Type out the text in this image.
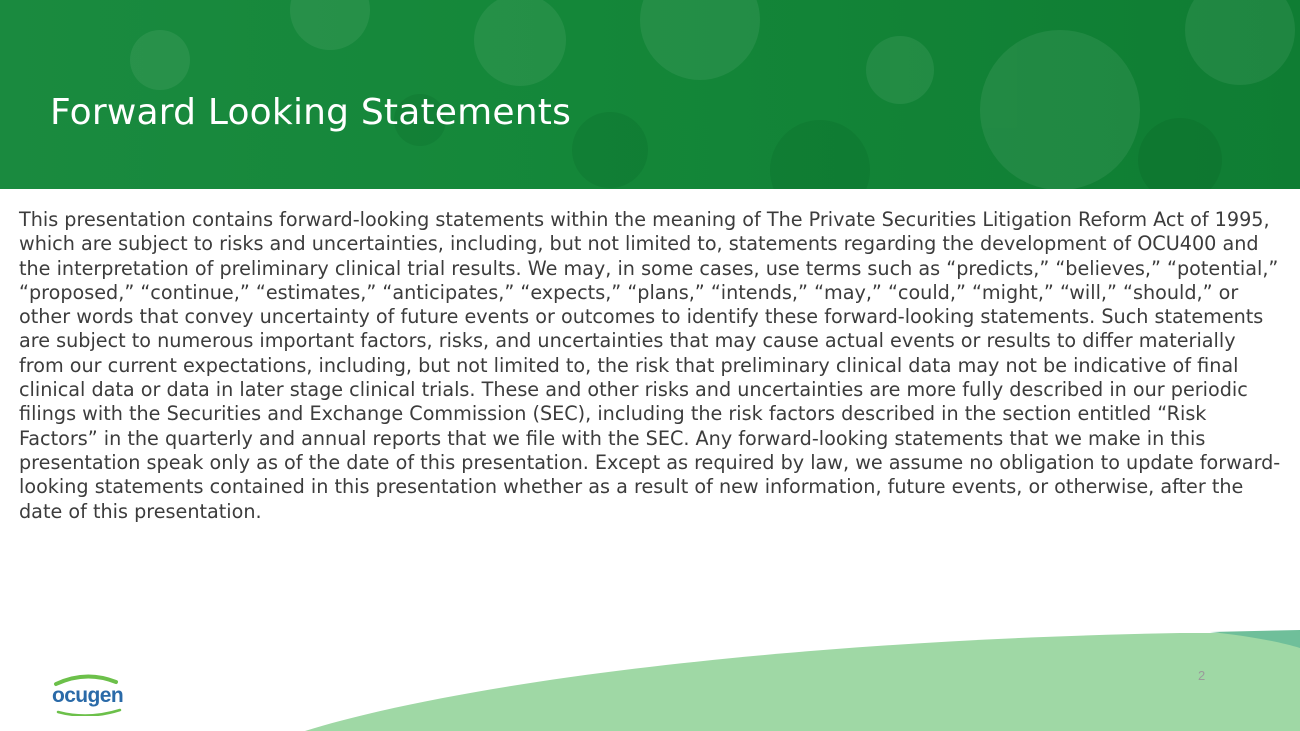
Forward Looking Statements

This presentation contains forward-looking statements within the meaning of The Private Securities Litigation Reform Act of 1995, which are subject to risks and uncertainties, including, but not limited to, statements regarding the development of OCU400 and the interpretation of preliminary clinical trial results. We may, in some cases, use terms such as “predicts,” “believes,” “potential,” “proposed,” “continue,” “estimates,” “anticipates,” “expects,” “plans,” “intends,” “may,” “could,” “might,” “will,” “should,” or other words that convey uncertainty of future events or outcomes to identify these forward-looking statements. Such statements are subject to numerous important factors, risks, and uncertainties that may cause actual events or results to differ materially from our current expectations, including, but not limited to, the risk that preliminary clinical data may not be indicative of final clinical data or data in later stage clinical trials. These and other risks and uncertainties are more fully described in our periodic filings with the Securities and Exchange Commission (SEC), including the risk factors described in the section entitled “Risk Factors” in the quarterly and annual reports that we file with the SEC. Any forward-looking statements that we make in this presentation speak only as of the date of this presentation. Except as required by law, we assume no obligation to update forward-looking statements contained in this presentation whether as a result of new information, future events, or otherwise, after the date of this presentation.

2
ocugen
